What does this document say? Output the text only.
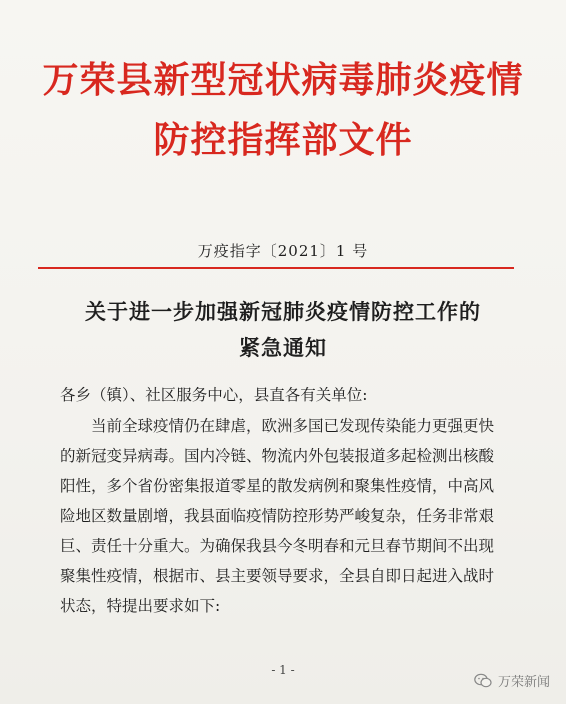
万荣县新型冠状病毒肺炎疫情
防控指挥部文件
万疫指字〔2021〕1 号
关于进一步加强新冠肺炎疫情防控工作的
紧急通知
各乡（镇）、社区服务中心，县直各有关单位:
　　当前全球疫情仍在肆虐，欧洲多国已发现传染能力更强更快
的新冠变异病毒。国内冷链、物流内外包装报道多起检测出核酸
阳性，多个省份密集报道零星的散发病例和聚集性疫情，中高风
险地区数量剧增，我县面临疫情防控形势严峻复杂，任务非常艰
巨、责任十分重大。为确保我县今冬明春和元旦春节期间不出现
聚集性疫情，根据市、县主要领导要求，全县自即日起进入战时
状态，特提出要求如下:
- 1 -
万荣新闻
